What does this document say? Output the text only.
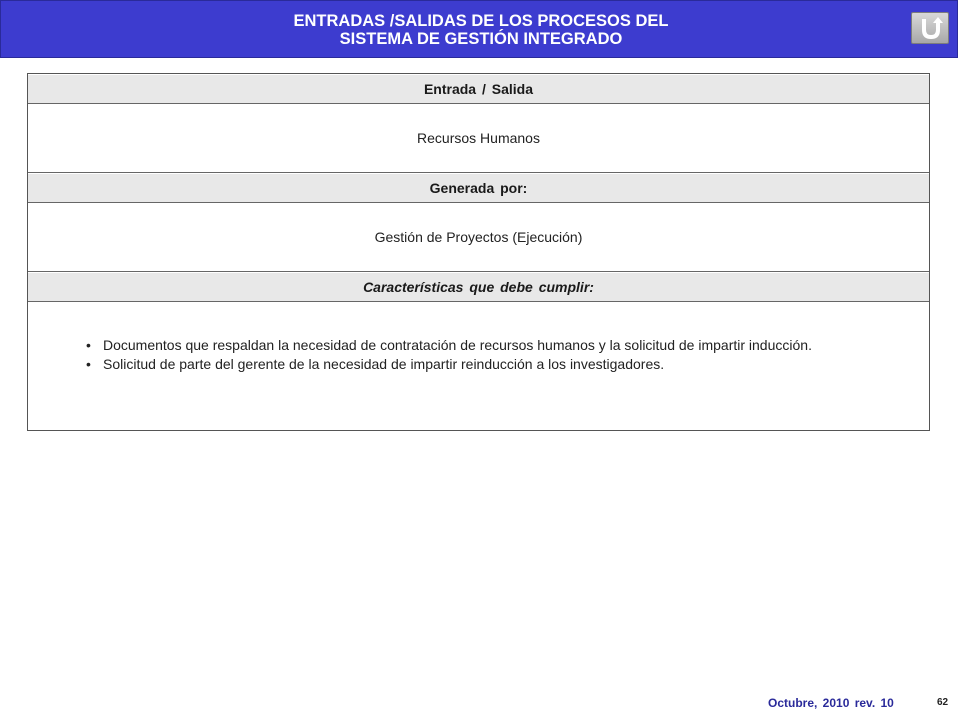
ENTRADAS /SALIDAS DE LOS PROCESOS DEL
SISTEMA DE GESTIÓN INTEGRADO
Entrada / Salida
Recursos Humanos
Generada por:
Gestión de Proyectos (Ejecución)
Características que debe cumplir:
• Documentos que respaldan la necesidad de contratación de recursos humanos y la solicitud de impartir inducción.
• Solicitud de parte del gerente de la necesidad de impartir reinducción a los investigadores.
Octubre, 2010 rev. 10	62
